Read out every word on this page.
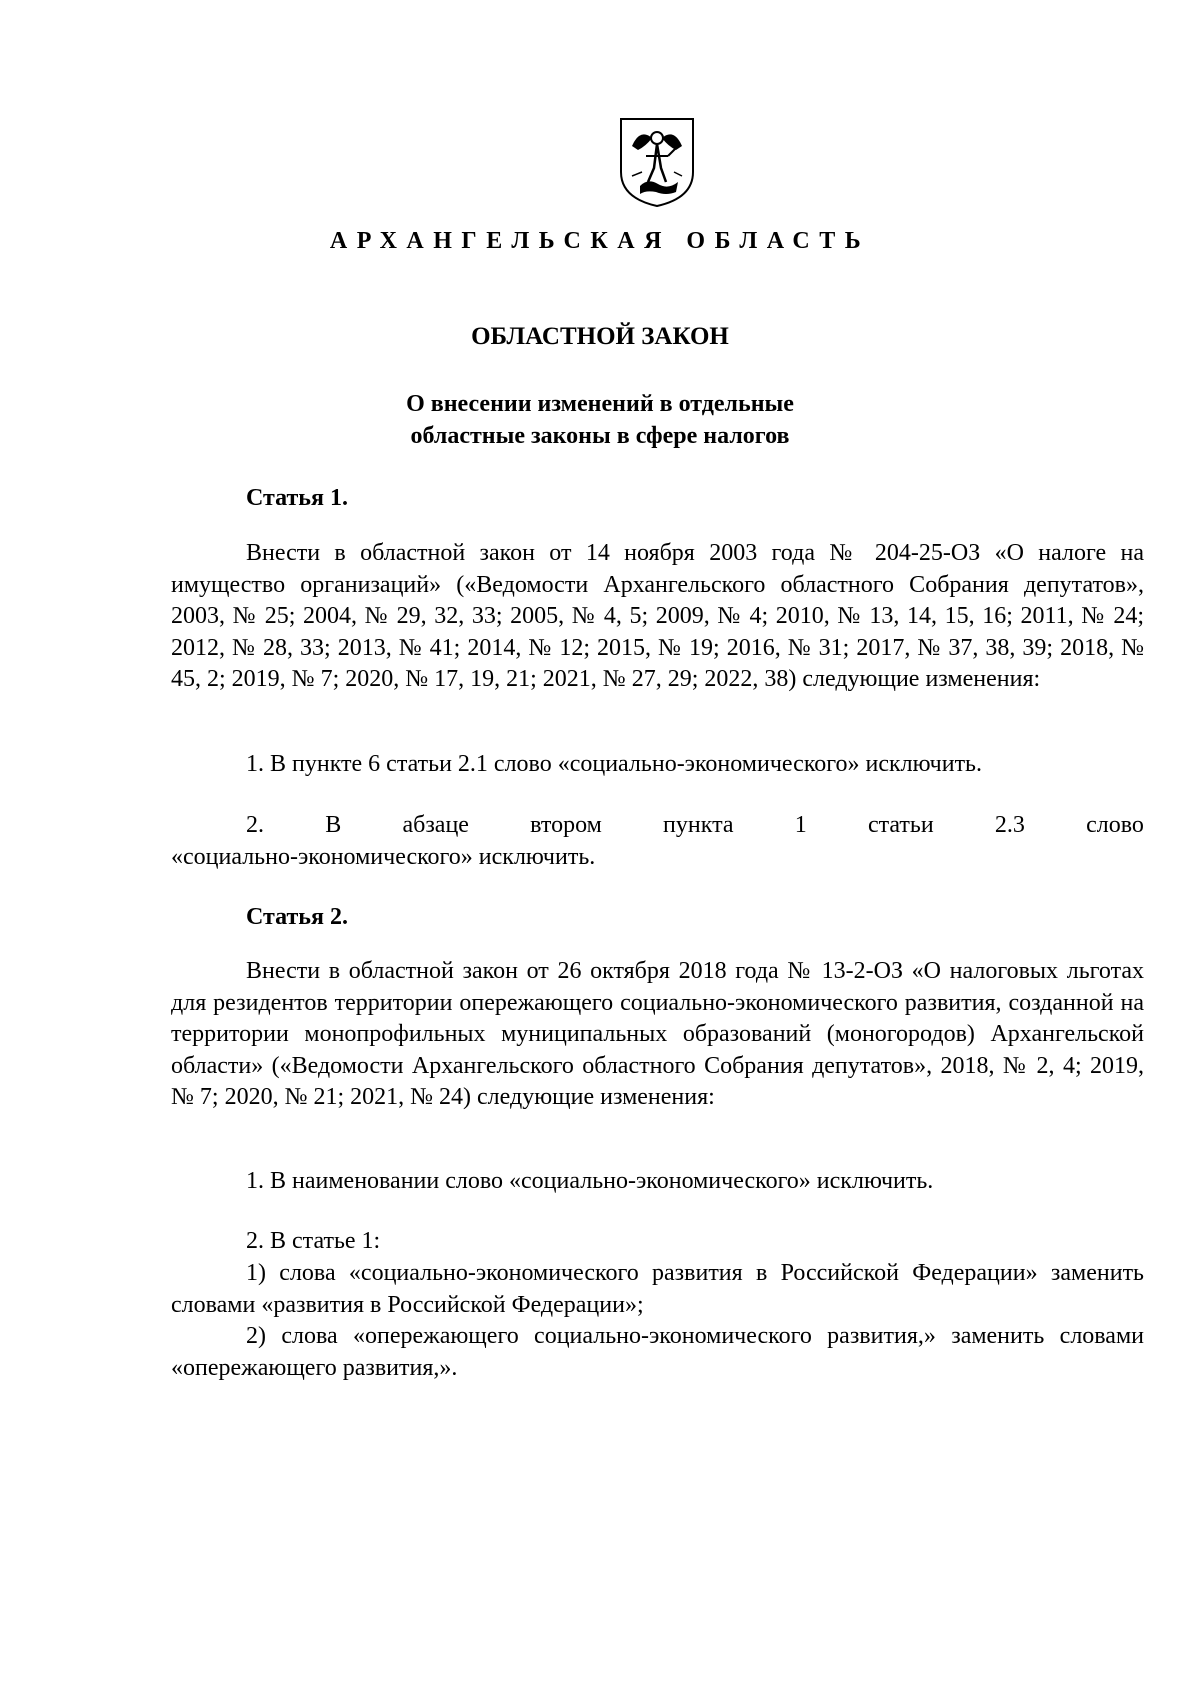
АРХАНГЕЛЬСКАЯ ОБЛАСТЬ
ОБЛАСТНОЙ ЗАКОН
О внесении изменений в отдельные
областные законы в сфере налогов
Статья 1.
Внести в областной закон от 14 ноября 2003 года № 204-25-ОЗ «О налоге на имущество организаций» («Ведомости Архангельского областного Собрания депутатов», 2003, № 25; 2004, № 29, 32, 33; 2005, № 4, 5; 2009, № 4; 2010, № 13, 14, 15, 16; 2011, № 24; 2012, № 28, 33; 2013, № 41; 2014, № 12; 2015, № 19; 2016, № 31; 2017, № 37, 38, 39; 2018, № 45, 2; 2019, № 7; 2020, № 17, 19, 21; 2021, № 27, 29; 2022, 38) следующие изменения:
1. В пункте 6 статьи 2.1 слово «социально-экономического» исключить.
2.	В	абзаце	втором	пункта	1	статьи	2.3	слово
«социально-экономического» исключить.
Статья 2.
Внести в областной закон от 26 октября 2018 года № 13-2-ОЗ «О налоговых льготах для резидентов территории опережающего социально-экономического развития, созданной на территории монопрофильных муниципальных образований (моногородов) Архангельской области» («Ведомости Архангельского областного Собрания депутатов», 2018, № 2, 4; 2019, № 7; 2020, № 21; 2021, № 24) следующие изменения:
1. В наименовании слово «социально-экономического» исключить.
2. В статье 1:
1) слова «социально-экономического развития в Российской Федерации» заменить словами «развития в Российской Федерации»;
2) слова «опережающего социально-экономического развития,» заменить словами «опережающего развития,».
